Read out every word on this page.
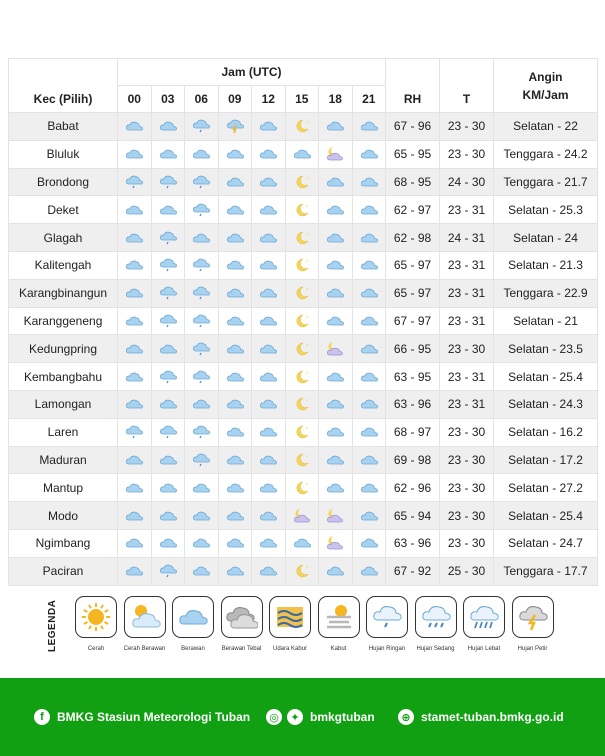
Kec (Pilih)	Jam (UTC)								RH	T	Angin
KM/Jam

	00	03	06	09	12	15	18	21			
Babat									67 - 96	23 - 30	Selatan - 22
Bluluk									65 - 95	23 - 30	Tenggara - 24.2
Brondong									68 - 95	24 - 30	Tenggara - 21.7
Deket									62 - 97	23 - 31	Selatan - 25.3
Glagah									62 - 98	24 - 31	Selatan - 24
Kalitengah									65 - 97	23 - 31	Selatan - 21.3
Karangbinangun									65 - 97	23 - 31	Tenggara - 22.9
Karanggeneng									67 - 97	23 - 31	Selatan - 21
Kedungpring									66 - 95	23 - 30	Selatan - 23.5
Kembangbahu									63 - 95	23 - 31	Selatan - 25.4
Lamongan									63 - 96	23 - 31	Selatan - 24.3
Laren									68 - 97	23 - 30	Selatan - 16.2
Maduran									69 - 98	23 - 30	Selatan - 17.2
Mantup									62 - 96	23 - 30	Selatan - 27.2
Modo									65 - 94	23 - 30	Selatan - 25.4
Ngimbang									63 - 96	23 - 30	Selatan - 24.7
Paciran									67 - 92	25 - 30	Tenggara - 17.7
LEGENDA	Cerah	Cerah Berawan	Berawan	Berawan Tebal	Udara Kabur	Kabut	Hujan Ringan	Hujan Sedang	Hujan Lebat	Hujan Petir
f	BMKG Stasiun Meteorologi Tuban ◎	✦ bmkgtuban	⊕ stamet-tuban.bmkg.go.id
